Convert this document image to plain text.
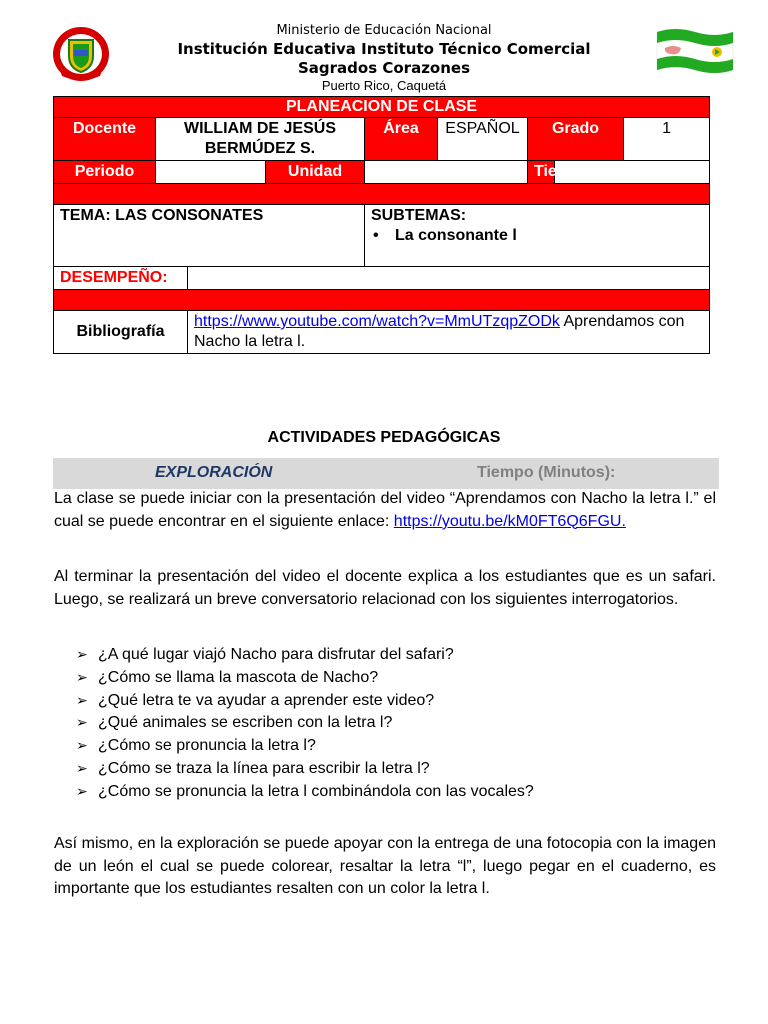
Ministerio de Educación Nacional
Institución Educativa Instituto Técnico Comercial
Sagrados Corazones
Puerto Rico, Caquetá
PLANEACION DE CLASE								
Docente	WILLIAM DE JESÚS BERMÚDEZ S.			Área	ESPAÑOL	Grado		1
Periodo			Unidad			Tiempo		

TEMA: LAS CONSONATES				SUBTEMAS:
• La consonante l				

DESEMPEÑO:								

Bibliografía		https://www.youtube.com/watch?v=MmUTzqpZODk Aprendamos con Nacho la letra l.						
ACTIVIDADES PEDAGÓGICAS
EXPLORACIÓN	Tiempo (Minutos):
La clase se puede iniciar con la presentación del video “Aprendamos con Nacho la letra l.” el cual se puede encontrar en el siguiente enlace: https://youtu.be/kM0FT6Q6FGU.
Al terminar la presentación del video el docente explica a los estudiantes que es un safari. Luego, se realizará un breve conversatorio relacionad con los siguientes interrogatorios.
➢ ¿A qué lugar viajó Nacho para disfrutar del safari?
➢ ¿Cómo se llama la mascota de Nacho?
➢ ¿Qué letra te va ayudar a aprender este video?
➢ ¿Qué animales se escriben con la letra l?
➢ ¿Cómo se pronuncia la letra l?
➢ ¿Cómo se traza la línea para escribir la letra l?
➢ ¿Cómo se pronuncia la letra l combinándola con las vocales?
Así mismo, en la exploración se puede apoyar con la entrega de una fotocopia con la imagen de un león el cual se puede colorear, resaltar la letra “l”, luego pegar en el cuaderno, es importante que los estudiantes resalten con un color la letra l.
